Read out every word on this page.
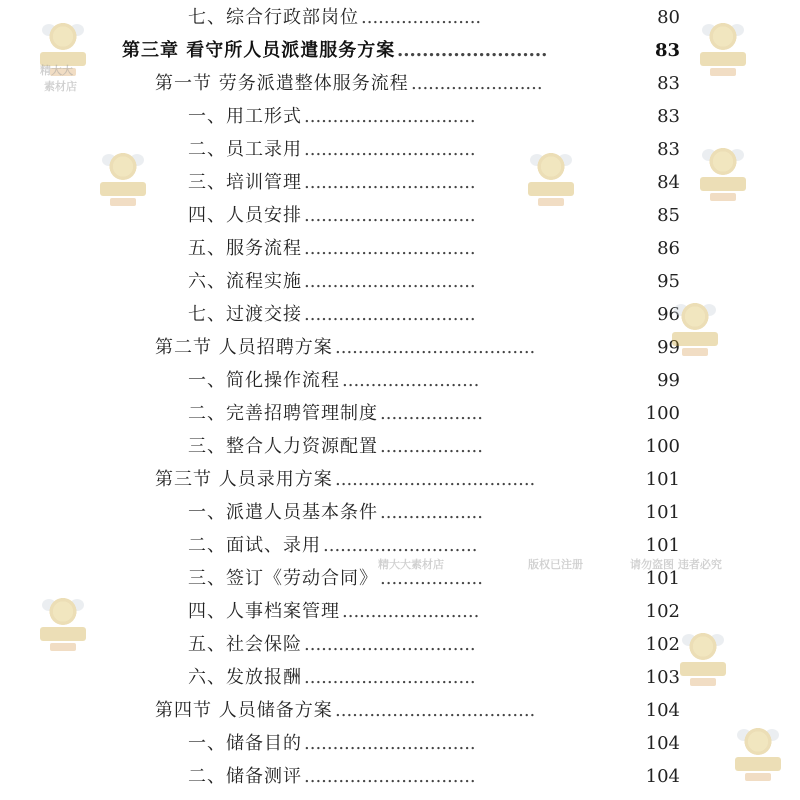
七、综合行政部岗位 .....................	80
第三章 看守所人员派遣服务方案 ........................	83
第一节 劳务派遣整体服务流程 .......................	83
一、用工形式 ..............................	83
二、员工录用 ..............................	83
三、培训管理 ..............................	84
四、人员安排 ..............................	85
五、服务流程 ..............................	86
六、流程实施 ..............................	95
七、过渡交接 ..............................	96
第二节 人员招聘方案 ...................................	99
一、简化操作流程 ........................	99
二、完善招聘管理制度 ..................	100
三、整合人力资源配置 ..................	100
第三节 人员录用方案 ...................................	101
一、派遣人员基本条件 ..................	101
二、面试、录用 ...........................	101
三、签订《劳动合同》 ..................	101
四、人事档案管理 ........................	102
五、社会保险 ..............................	102
六、发放报酬 ..............................	103
第四节 人员储备方案 ...................................	104
一、储备目的 ..............................	104
二、储备测评 ..............................	104
精大大
素材店
精大大素材店	版权已注册	请勿盗图 违者必究
